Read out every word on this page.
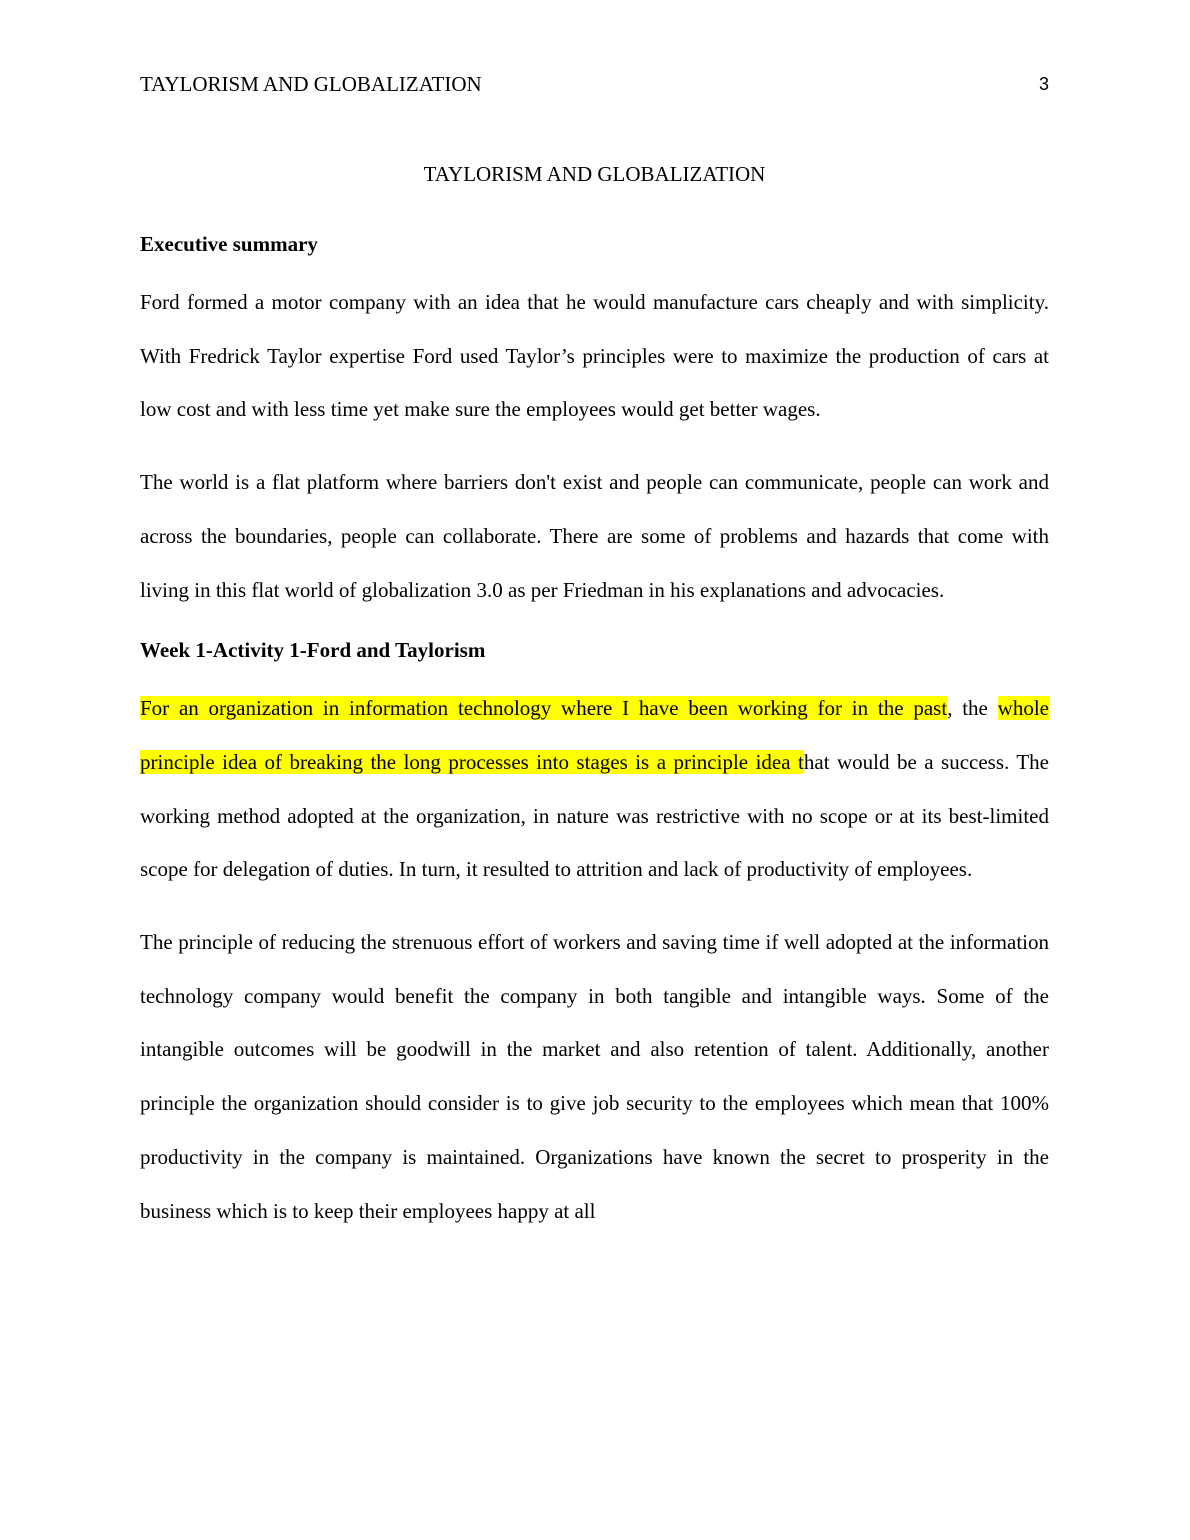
TAYLORISM AND GLOBALIZATION	3
TAYLORISM AND GLOBALIZATION
Executive summary

Ford formed a motor company with an idea that he would manufacture cars cheaply and with simplicity. With Fredrick Taylor expertise Ford used Taylor’s principles were to maximize the production of cars at low cost and with less time yet make sure the employees would get better wages.

The world is a flat platform where barriers don't exist and people can communicate, people can work and across the boundaries, people can collaborate. There are some of problems and hazards that come with living in this flat world of globalization 3.0 as per Friedman in his explanations and advocacies.

Week 1-Activity 1-Ford and Taylorism

For an organization in information technology where I have been working for in the past, the whole principle idea of breaking the long processes into stages is a principle idea that would be a success. The working method adopted at the organization, in nature was restrictive with no scope or at its best-limited scope for delegation of duties. In turn, it resulted to attrition and lack of productivity of employees.

The principle of reducing the strenuous effort of workers and saving time if well adopted at the information technology company would benefit the company in both tangible and intangible ways. Some of the intangible outcomes will be goodwill in the market and also retention of talent. Additionally, another principle the organization should consider is to give job security to the employees which mean that 100% productivity in the company is maintained. Organizations have known the secret to prosperity in the business which is to keep their employees happy at all
